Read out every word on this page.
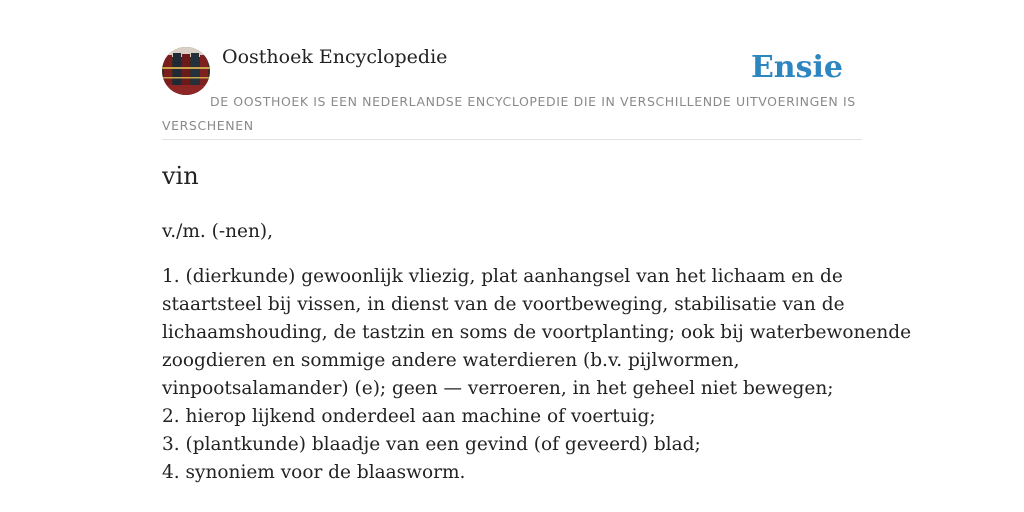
Oosthoek Encyclopedie	Ensie
DE OOSTHOEK IS EEN NEDERLANDSE ENCYCLOPEDIE DIE IN VERSCHILLENDE UITVOERINGEN IS VERSCHENEN
vin
v./m. (-nen),
1. (dierkunde) gewoonlijk vliezig, plat aanhangsel van het lichaam en de
staartsteel bij vissen, in dienst van de voortbeweging, stabilisatie van de
lichaamshouding, de tastzin en soms de voortplanting; ook bij waterbewonende
zoogdieren en sommige andere waterdieren (b.v. pijlwormen,
vinpootsalamander) (e); geen — verroeren, in het geheel niet bewegen;
2. hierop lijkend onderdeel aan machine of voertuig;
3. (plantkunde) blaadje van een gevind (of geveerd) blad;
4. synoniem voor de blaasworm.
